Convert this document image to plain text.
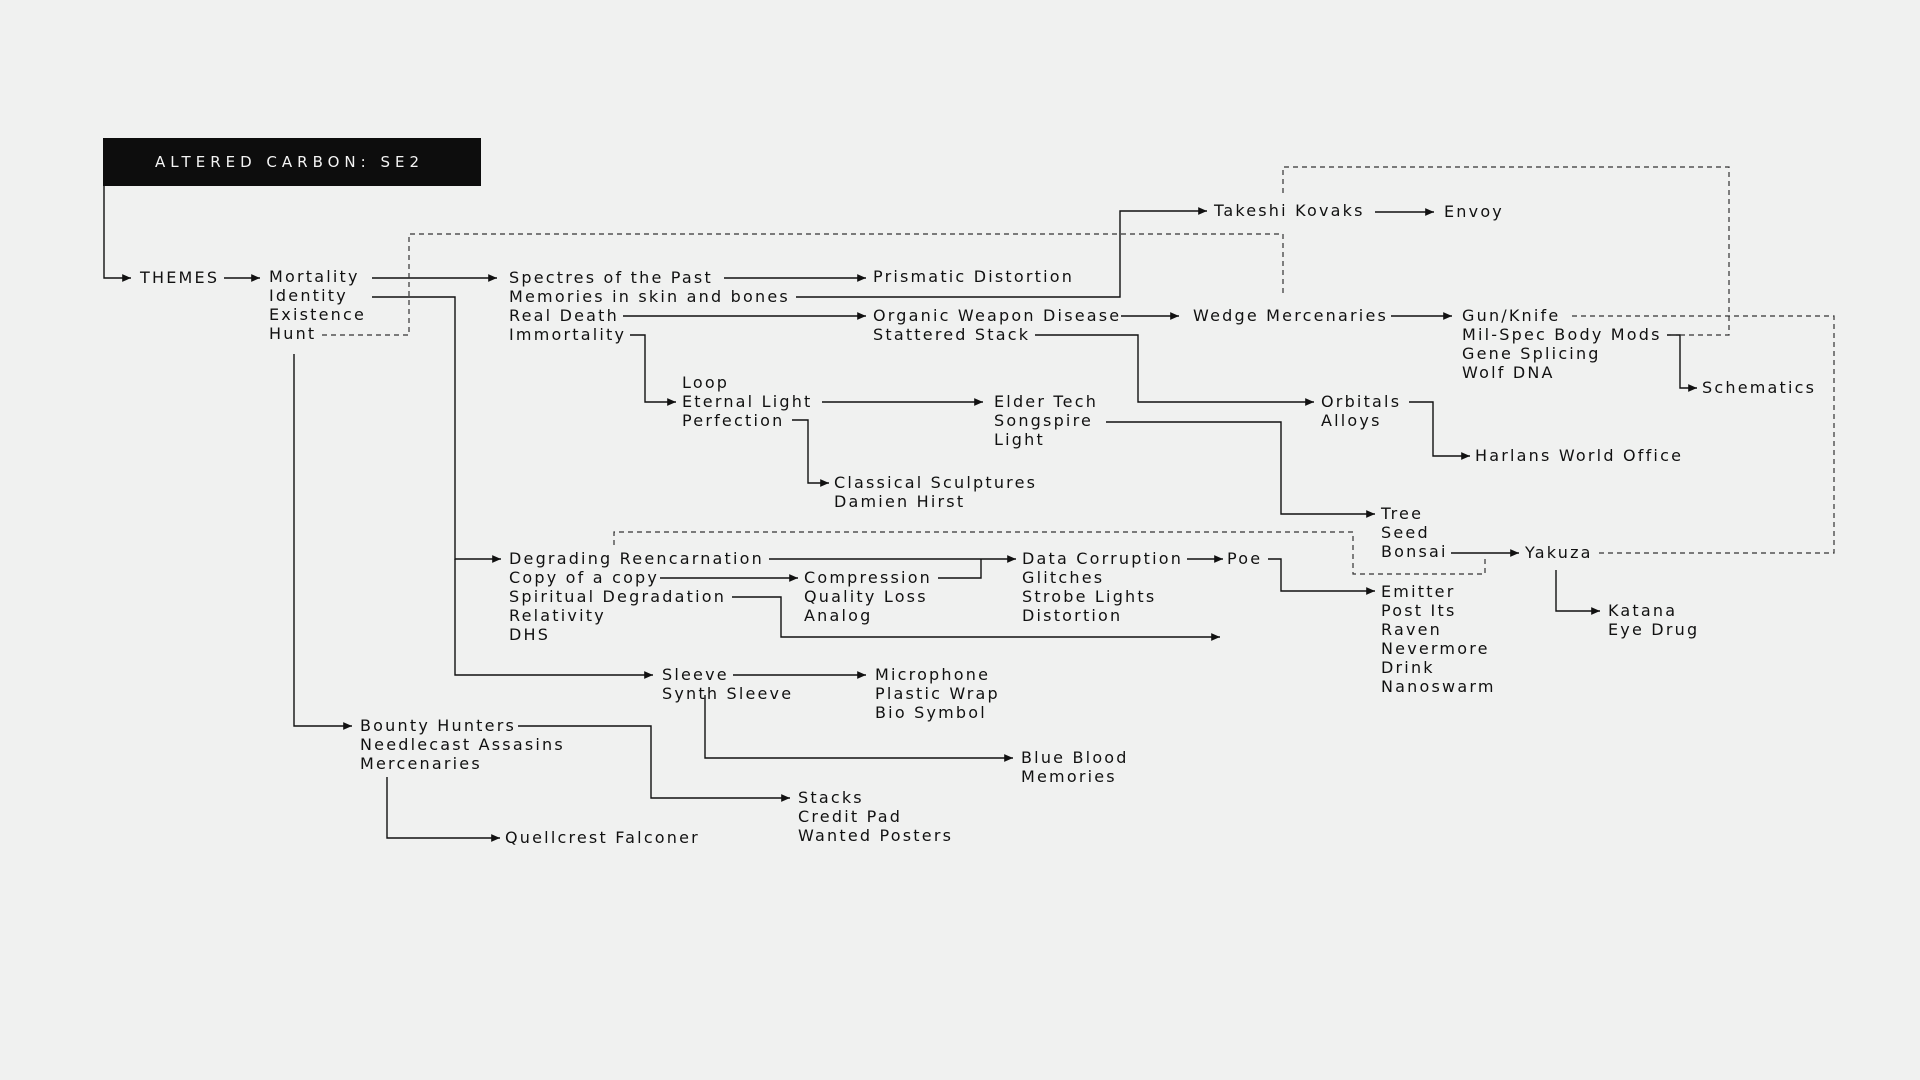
ALTERED CARBON: SE2
THEMES	Mortality
Identity
Existence
Hunt
Spectres of the Past
Memories in skin and bones
Real Death
Immortality
Prismatic Distortion
Organic Weapon Disease
Stattered Stack
Takeshi Kovaks	Envoy
Wedge Mercenaries	Gun/Knife
Mil-Spec Body Mods
Gene Splicing
Wolf DNA
Schematics
Loop
Eternal Light
Perfection
Elder Tech
Songspire
Light
Orbitals
Alloys
Harlans World Office
Classical Sculptures
Damien Hirst
Tree
Seed
Bonsai	Yakuza
Katana
Eye Drug
Degrading Reencarnation
Copy of a copy
Spiritual Degradation
Relativity
DHS
Compression
Quality Loss
Analog
Data Corruption
Glitches
Strobe Lights
Distortion
Poe
Emitter
Post Its
Raven
Nevermore
Drink
Nanoswarm
Sleeve
Synth Sleeve
Microphone
Plastic Wrap
Bio Symbol
Blue Blood
Memories
Bounty Hunters
Needlecast Assasins
Mercenaries
Stacks
Credit Pad
Wanted Posters
Quellcrest Falconer
